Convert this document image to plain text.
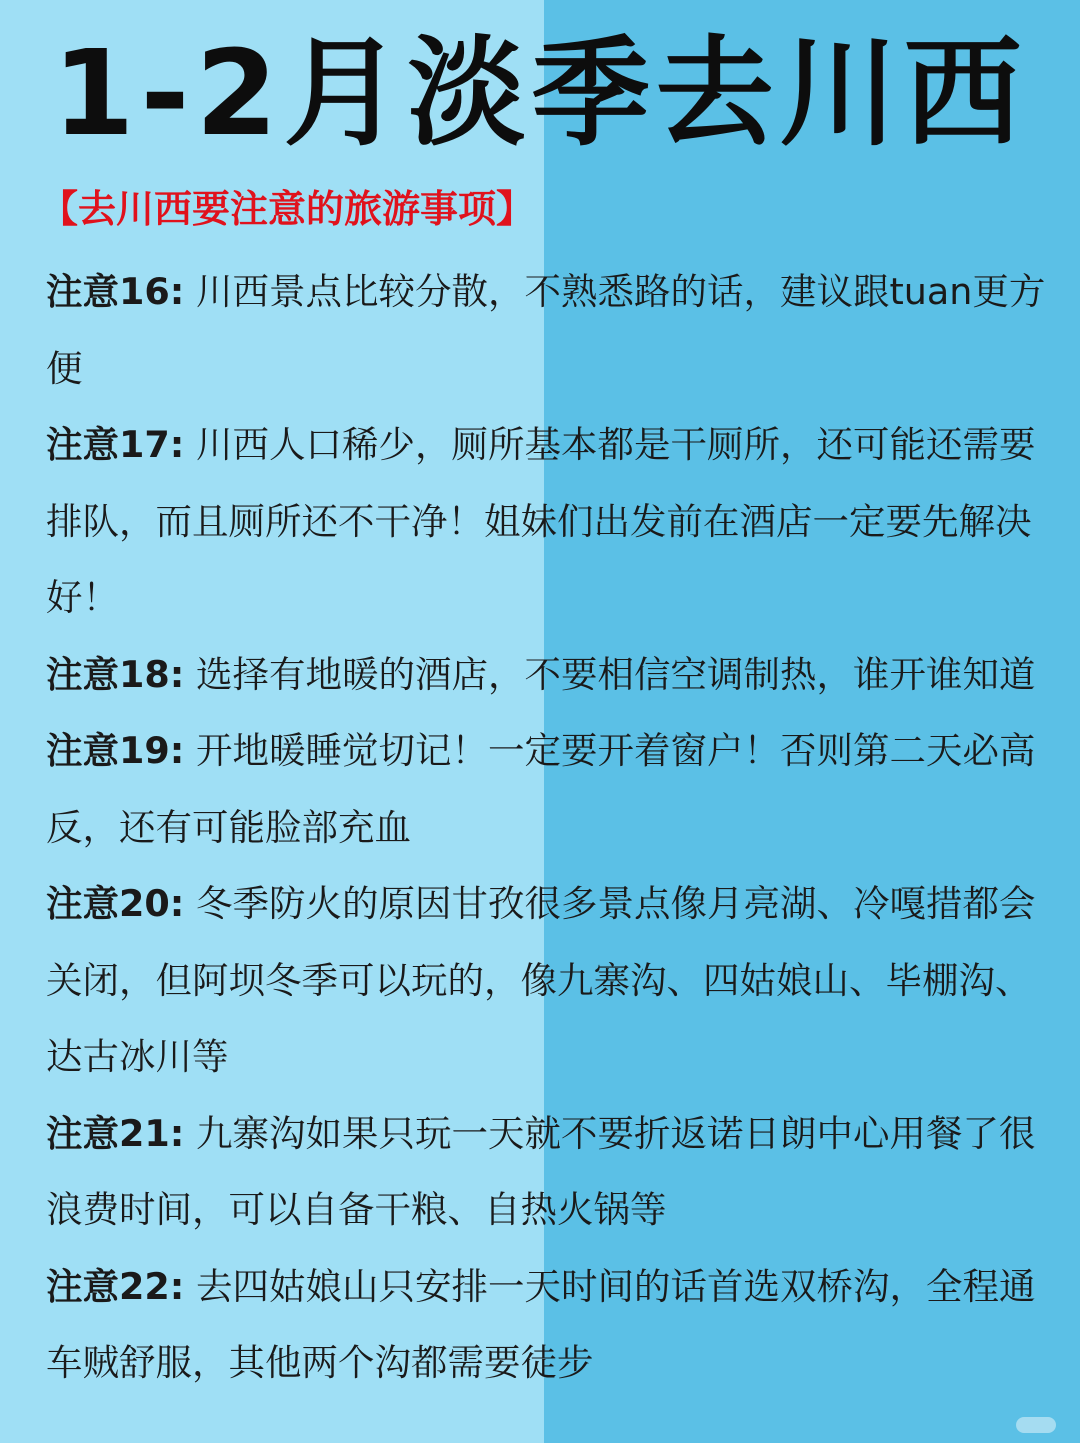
1-2月淡季去川西
【去川西要注意的旅游事项】

注意16: 川西景点比较分散，不熟悉路的话，建议跟tuan更方便

注意17: 川西人口稀少，厕所基本都是干厕所，还可能还需要排队，而且厕所还不干净！姐妹们出发前在酒店一定要先解决好！

注意18: 选择有地暖的酒店，不要相信空调制热，谁开谁知道

注意19: 开地暖睡觉切记！一定要开着窗户！否则第二天必高反，还有可能脸部充血

注意20: 冬季防火的原因甘孜很多景点像月亮湖、冷嘎措都会关闭，但阿坝冬季可以玩的，像九寨沟、四姑娘山、毕棚沟、达古冰川等

注意21: 九寨沟如果只玩一天就不要折返诺日朗中心用餐了很浪费时间，可以自备干粮、自热火锅等

注意22: 去四姑娘山只安排一天时间的话首选双桥沟，全程通车贼舒服，其他两个沟都需要徒步
